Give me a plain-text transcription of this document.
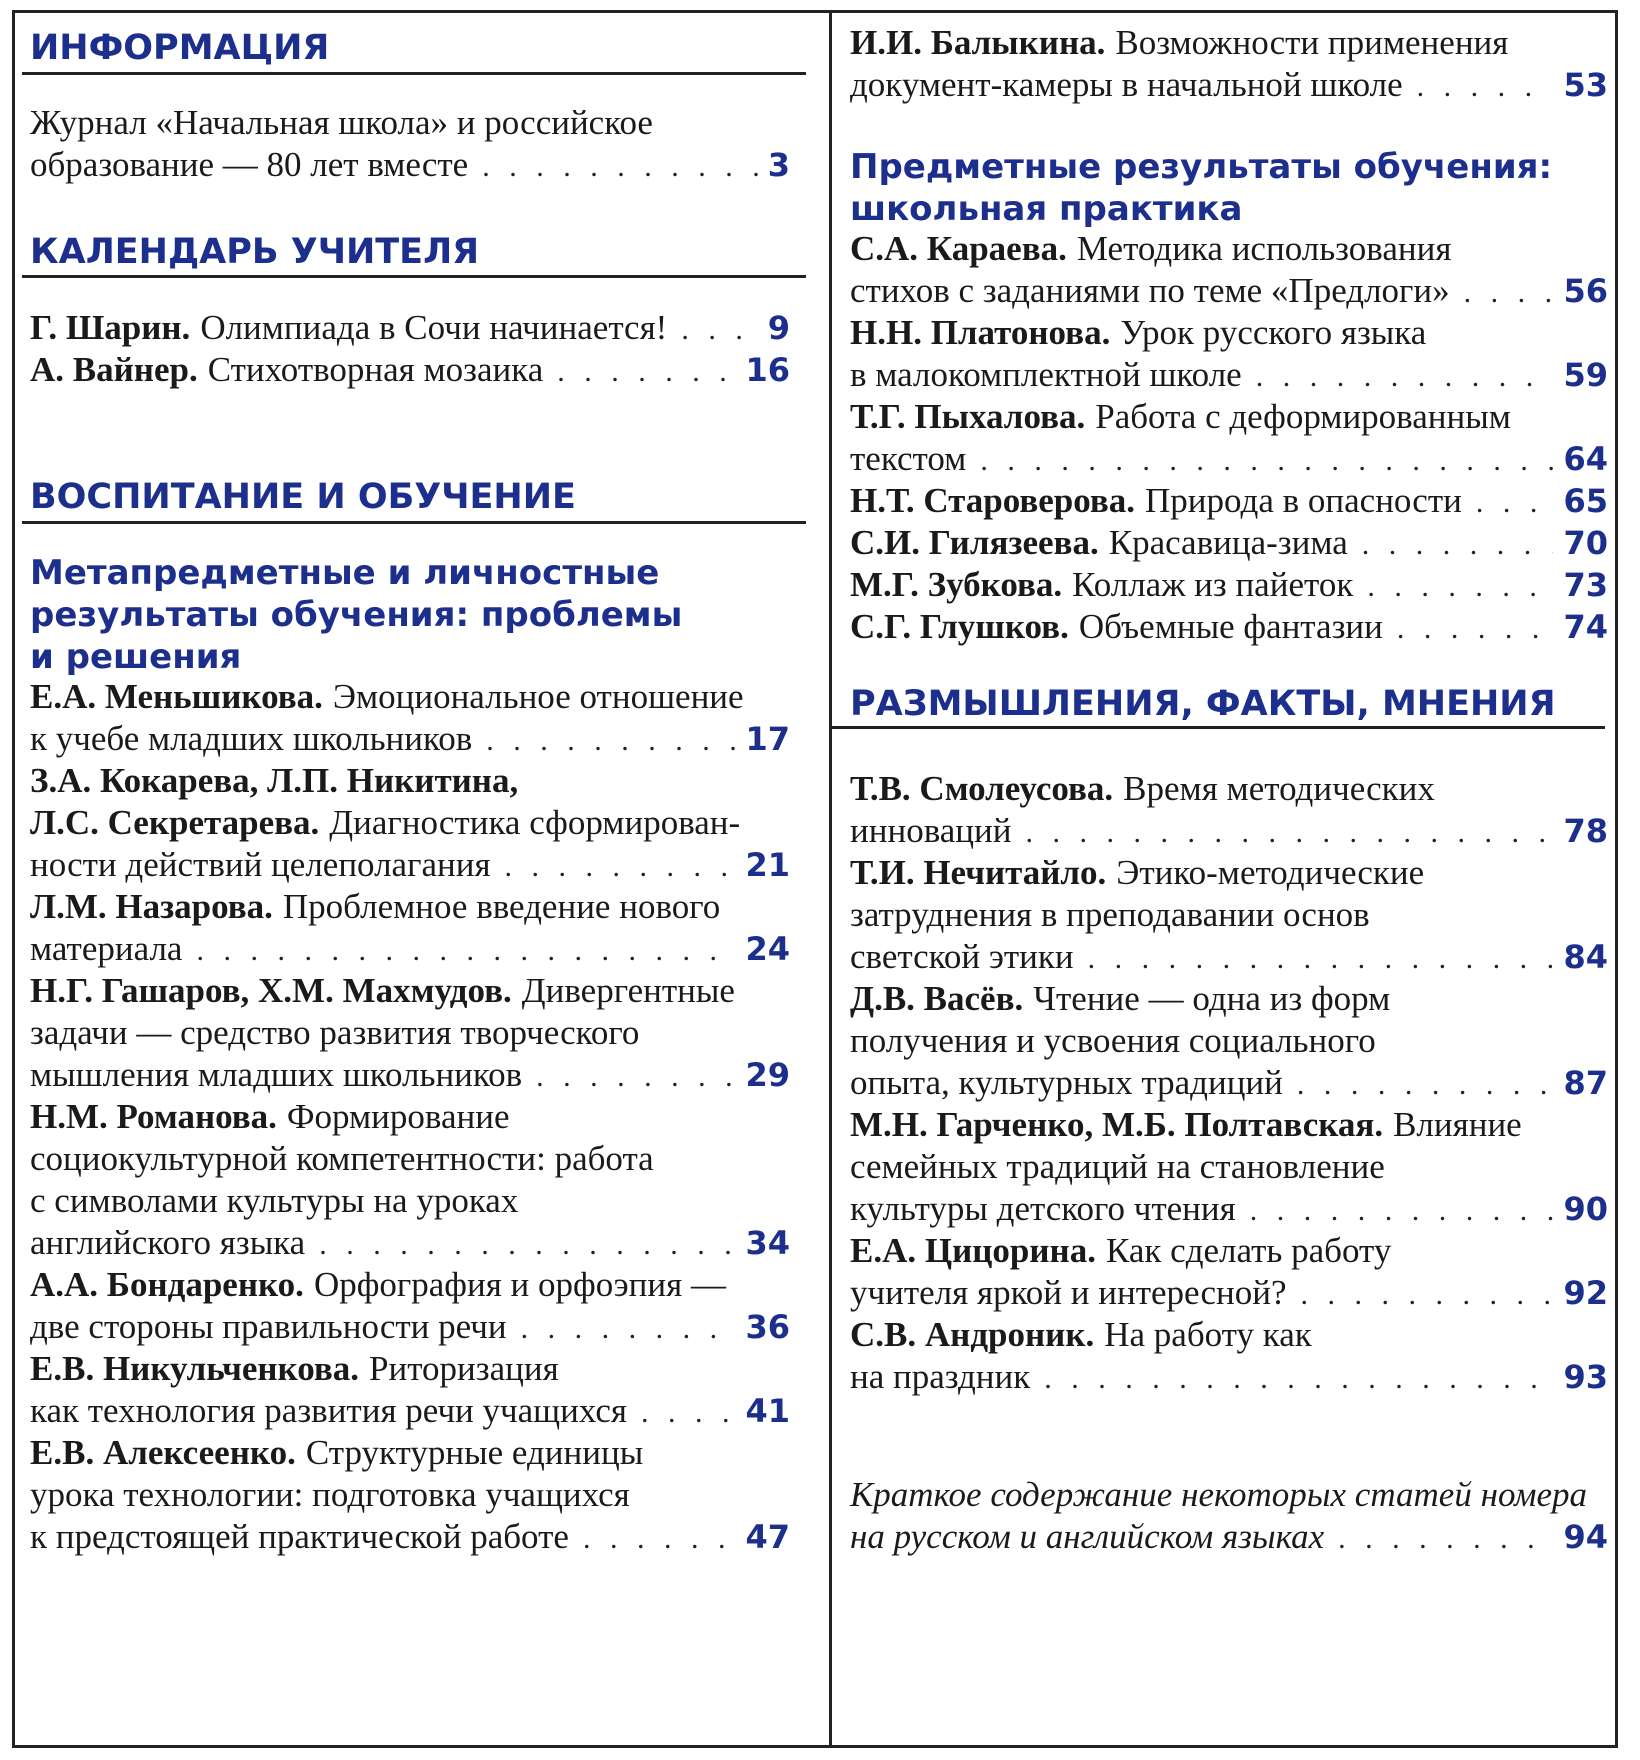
ИНФОРМАЦИЯ
Журнал «Начальная школа» и российское
образование — 80 лет вместе . . .	3
КАЛЕНДАРЬ УЧИТЕЛЯ
Г. Шарин. Олимпиада в Сочи начинается! . . .	9
А. Вайнер. Стихотворная мозаика . . .	16
ВОСПИТАНИЕ И ОБУЧЕНИЕ
Метапредметные и личностные
результаты обучения: проблемы
и решения
Е.А. Меньшикова. Эмоциональное отношение
к учебе младших школьников . . .	17
З.А. Кокарева, Л.П. Никитина,
Л.С. Секретарева. Диагностика сформирован-
ности действий целеполагания . . .	21
Л.М. Назарова. Проблемное введение нового
материала . . .	24
Н.Г. Гашаров, Х.М. Махмудов. Дивергентные
задачи — средство развития творческого
мышления младших школьников . . .	29
Н.М. Романова. Формирование
социокультурной компетентности: работа
с символами культуры на уроках
английского языка . . .	34
А.А. Бондаренко. Орфография и орфоэпия —
две стороны правильности речи . . .	36
Е.В. Никульченкова. Риторизация
как технология развития речи учащихся . . .	41
Е.В. Алексеенко. Структурные единицы
урока технологии: подготовка учащихся
к предстоящей практической работе . . .	47
И.И. Балыкина. Возможности применения
документ-камеры в начальной школе . . .	53
Предметные результаты обучения:
школьная практика
С.А. Караева. Методика использования
стихов с заданиями по теме «Предлоги» . . .	56
Н.Н. Платонова. Урок русского языка
в малокомплектной школе . . .	59
Т.Г. Пыхалова. Работа с деформированным
текстом . . .	64
Н.Т. Староверова. Природа в опасности . . .	65
С.И. Гилязеева. Красавица-зима . . .	70
М.Г. Зубкова. Коллаж из пайеток . . .	73
С.Г. Глушков. Объемные фантазии . . .	74
РАЗМЫШЛЕНИЯ, ФАКТЫ, МНЕНИЯ
Т.В. Смолеусова. Время методических
инноваций . . .	78
Т.И. Нечитайло. Этико-методические
затруднения в преподавании основ
светской этики . . .	84
Д.В. Васёв. Чтение — одна из форм
получения и усвоения социального
опыта, культурных традиций . . .	87
М.Н. Гарченко, М.Б. Полтавская. Влияние
семейных традиций на становление
культуры детского чтения . . .	90
Е.А. Цицорина. Как сделать работу
учителя яркой и интересной? . . .	92
С.В. Андроник. На работу как
на праздник . . .	93
Краткое содержание некоторых статей номера
на русском и английском языках . . .	94
